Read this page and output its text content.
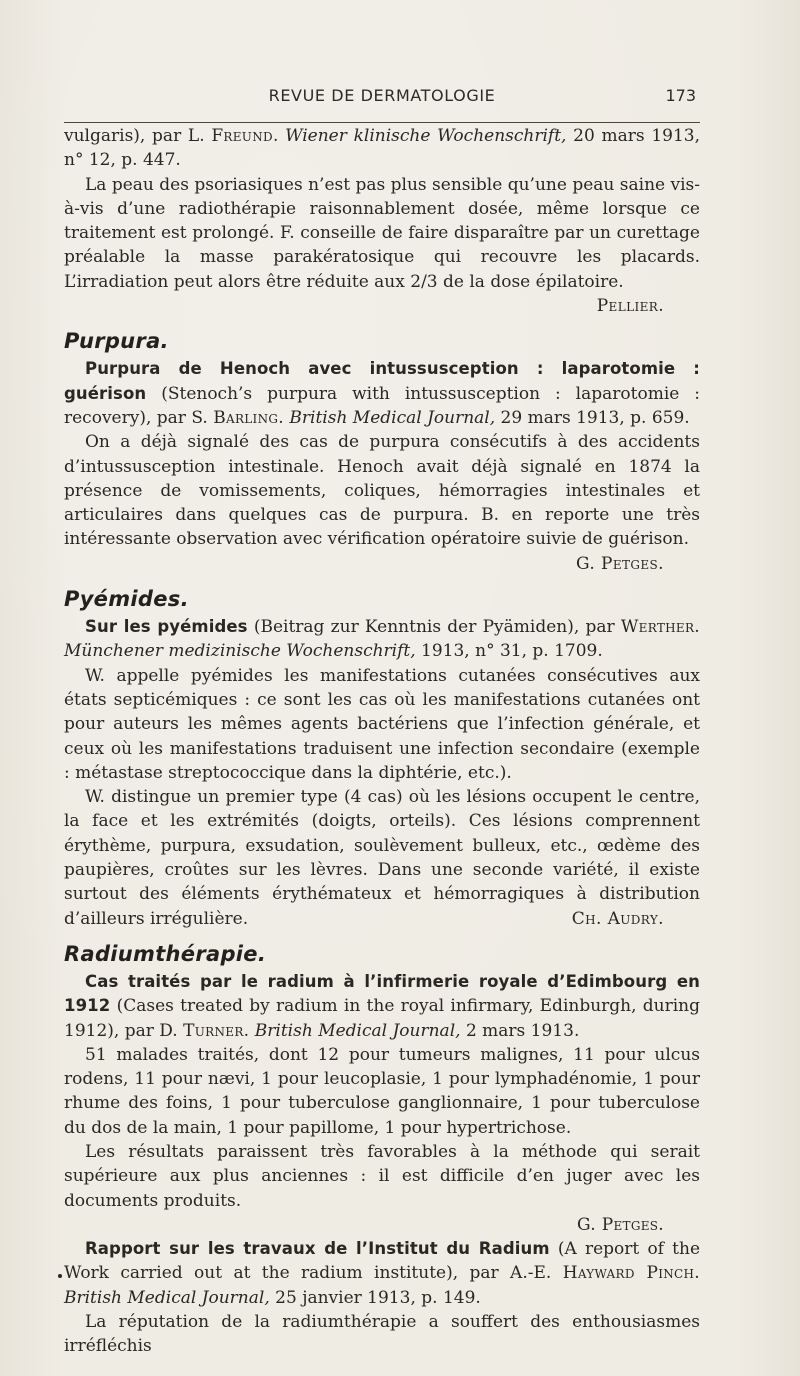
REVUE DE DERMATOLOGIE	173

vulgaris), par L. Freund. Wiener klinische Wochenschrift, 20 mars 1913, n° 12, p. 447.

La peau des psoriasiques n’est pas plus sensible qu’une peau saine vis-à-vis d’une radiothérapie raisonnablement dosée, même lorsque ce traitement est prolongé. F. conseille de faire disparaître par un curettage préalable la masse parakératosique qui recouvre les placards. L’irradiation peut alors être réduite aux 2/3 de la dose épilatoire.
Pellier.

Purpura.

Purpura de Henoch avec intussusception : laparotomie : guérison (Stenoch’s purpura with intussusception : laparotomie : recovery), par S. Barling. British Medical Journal, 29 mars 1913, p. 659.

On a déjà signalé des cas de purpura consécutifs à des accidents d’intussusception intestinale. Henoch avait déjà signalé en 1874 la présence de vomissements, coliques, hémorragies intestinales et articulaires dans quelques cas de purpura. B. en reporte une très intéressante observation avec vérification opératoire suivie de guérison.
G. Petges.

Pyémides.

Sur les pyémides (Beitrag zur Kenntnis der Pyämiden), par Werther. Münchener medizinische Wochenschrift, 1913, n° 31, p. 1709.

W. appelle pyémides les manifestations cutanées consécutives aux états septicémiques : ce sont les cas où les manifestations cutanées ont pour auteurs les mêmes agents bactériens que l’infection générale, et ceux où les manifestations traduisent une infection secondaire (exemple : métastase streptococcique dans la diphtérie, etc.).

W. distingue un premier type (4 cas) où les lésions occupent le centre, la face et les extrémités (doigts, orteils). Ces lésions comprennent érythème, purpura, exsudation, soulèvement bulleux, etc., œdème des paupières, croûtes sur les lèvres. Dans une seconde variété, il existe surtout des éléments érythémateux et hémorragiques à distribution d’ailleurs irrégulière.	Ch. Audry.

Radiumthérapie.

Cas traités par le radium à l’infirmerie royale d’Edimbourg en 1912 (Cases treated by radium in the royal infirmary, Edinburgh, during 1912), par D. Turner. British Medical Journal, 2 mars 1913.

51 malades traités, dont 12 pour tumeurs malignes, 11 pour ulcus rodens, 11 pour nævi, 1 pour leucoplasie, 1 pour lymphadénomie, 1 pour rhume des foins, 1 pour tuberculose ganglionnaire, 1 pour tuberculose du dos de la main, 1 pour papillome, 1 pour hypertrichose.

Les résultats paraissent très favorables à la méthode qui serait supérieure aux plus anciennes : il est difficile d’en juger avec les documents produits.

G. Petges.

Rapport sur les travaux de l’Institut du Radium (A report of the Work carried out at the radium institute), par A.-E. Hayward Pinch. British Medical Journal, 25 janvier 1913, p. 149.

La réputation de la radiumthérapie a souffert des enthousiasmes irréfléchis
